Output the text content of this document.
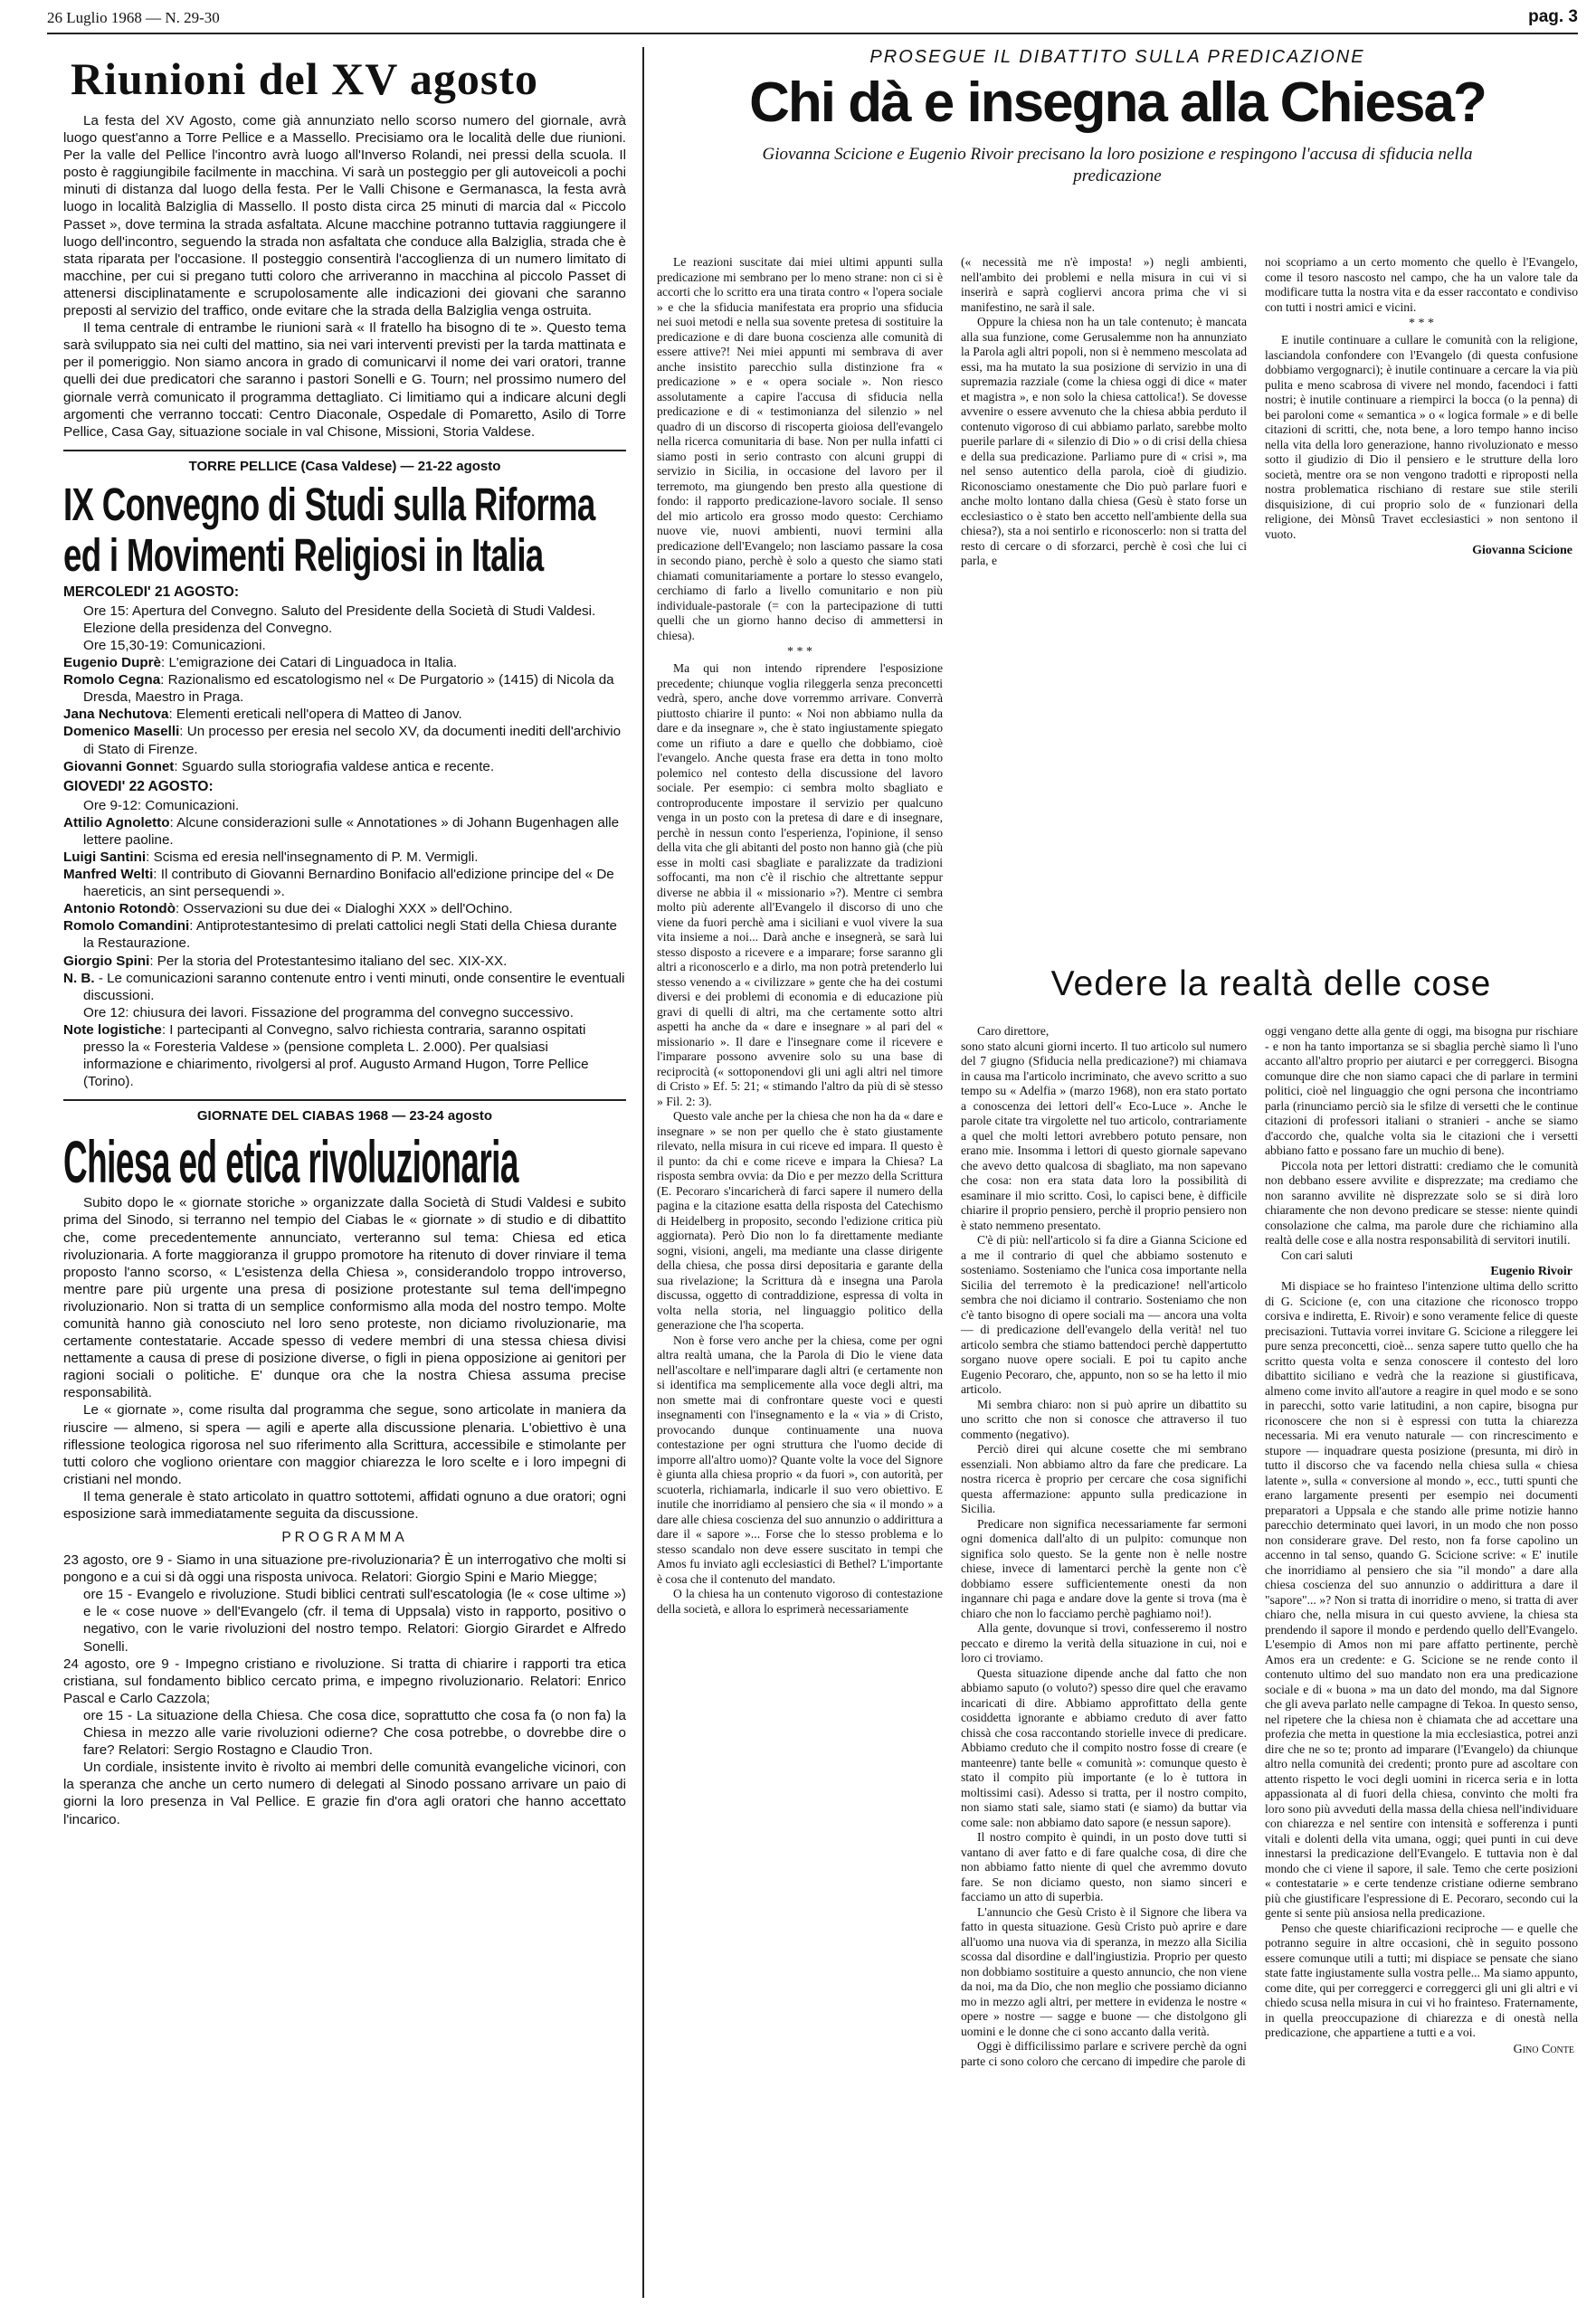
26 Luglio 1968 — N. 29-30	pag. 3
Riunioni del XV agosto

La festa del XV Agosto, come già annunziato nello scorso numero del giornale, avrà luogo quest'anno a Torre Pellice e a Massello. Precisiamo ora le località delle due riunioni. Per la valle del Pellice l'incontro avrà luogo all'Inverso Rolandi, nei pressi della scuola. Il posto è raggiungibile facilmente in macchina. Vi sarà un posteggio per gli autoveicoli a pochi minuti di distanza dal luogo della festa. Per le Valli Chisone e Germanasca, la festa avrà luogo in località Balziglia di Massello. Il posto dista circa 25 minuti di marcia dal « Piccolo Passet », dove termina la strada asfaltata. Alcune macchine potranno tuttavia raggiungere il luogo dell'incontro, seguendo la strada non asfaltata che conduce alla Balziglia, strada che è stata riparata per l'occasione. Il posteggio consentirà l'accoglienza di un numero limitato di macchine, per cui si pregano tutti coloro che arriveranno in macchina al piccolo Passet di attenersi disciplinatamente e scrupolosamente alle indicazioni dei giovani che saranno preposti al servizio del traffico, onde evitare che la strada della Balziglia venga ostruita.

Il tema centrale di entrambe le riunioni sarà « Il fratello ha bisogno di te ». Questo tema sarà sviluppato sia nei culti del mattino, sia nei vari interventi previsti per la tarda mattinata e per il pomeriggio. Non siamo ancora in grado di comunicarvi il nome dei vari oratori, tranne quelli dei due predicatori che saranno i pastori Sonelli e G. Tourn; nel prossimo numero del giornale verrà comunicato il programma dettagliato. Ci limitiamo qui a indicare alcuni degli argomenti che verranno toccati: Centro Diaconale, Ospedale di Pomaretto, Asilo di Torre Pellice, Casa Gay, situazione sociale in val Chisone, Missioni, Storia Valdese.

TORRE PELLICE (Casa Valdese) — 21-22 agosto
IX Convegno di Studi sulla Riforma
ed i Movimenti Religiosi in Italia
MERCOLEDI' 21 AGOSTO:

Ore 15: Apertura del Convegno. Saluto del Presidente della Società di Studi Valdesi. Elezione della presidenza del Convegno.

Ore 15,30-19: Comunicazioni.

Eugenio Duprè: L'emigrazione dei Catari di Linguadoca in Italia.

Romolo Cegna: Razionalismo ed escatologismo nel « De Purgatorio » (1415) di Nicola da Dresda, Maestro in Praga.

Jana Nechutova: Elementi ereticali nell'opera di Matteo di Janov.

Domenico Maselli: Un processo per eresia nel secolo XV, da documenti inediti dell'archivio di Stato di Firenze.

Giovanni Gonnet: Sguardo sulla storiografia valdese antica e recente.

GIOVEDI' 22 AGOSTO:

Ore 9-12: Comunicazioni.

Attilio Agnoletto: Alcune considerazioni sulle « Annotationes » di Johann Bugenhagen alle lettere paoline.

Luigi Santini: Scisma ed eresia nell'insegnamento di P. M. Vermigli.

Manfred Welti: Il contributo di Giovanni Bernardino Bonifacio all'edizione principe del « De haereticis, an sint persequendi ».

Antonio Rotondò: Osservazioni su due dei « Dialoghi XXX » dell'Ochino.

Romolo Comandini: Antiprotestantesimo di prelati cattolici negli Stati della Chiesa durante la Restaurazione.

Giorgio Spini: Per la storia del Protestantesimo italiano del sec. XIX-XX.

N. B. - Le comunicazioni saranno contenute entro i venti minuti, onde consentire le eventuali discussioni.

Ore 12: chiusura dei lavori. Fissazione del programma del convegno successivo.

Note logistiche: I partecipanti al Convegno, salvo richiesta contraria, saranno ospitati presso la « Foresteria Valdese » (pensione completa L. 2.000). Per qualsiasi informazione e chiarimento, rivolgersi al prof. Augusto Armand Hugon, Torre Pellice (Torino).

GIORNATE DEL CIABAS 1968 — 23-24 agosto
Chiesa ed etica rivoluzionaria

Subito dopo le « giornate storiche » organizzate dalla Società di Studi Valdesi e subito prima del Sinodo, si terranno nel tempio del Ciabas le « giornate » di studio e di dibattito che, come precedentemente annunciato, verteranno sul tema: Chiesa ed etica rivoluzionaria. A forte maggioranza il gruppo promotore ha ritenuto di dover rinviare il tema proposto l'anno scorso, « L'esistenza della Chiesa », considerandolo troppo introverso, mentre pare più urgente una presa di posizione protestante sul tema dell'impegno rivoluzionario. Non si tratta di un semplice conformismo alla moda del nostro tempo. Molte comunità hanno già conosciuto nel loro seno proteste, non diciamo rivoluzionarie, ma certamente contestatarie. Accade spesso di vedere membri di una stessa chiesa divisi nettamente a causa di prese di posizione diverse, o figli in piena opposizione ai genitori per ragioni sociali o politiche. E' dunque ora che la nostra Chiesa assuma precise responsabilità.

Le « giornate », come risulta dal programma che segue, sono articolate in maniera da riuscire — almeno, si spera — agili e aperte alla discussione plenaria. L'obiettivo è una riflessione teologica rigorosa nel suo riferimento alla Scrittura, accessibile e stimolante per tutti coloro che vogliono orientare con maggior chiarezza le loro scelte e i loro impegni di cristiani nel mondo.

Il tema generale è stato articolato in quattro sottotemi, affidati ognuno a due oratori; ogni esposizione sarà immediatamente seguita da discussione.

PROGRAMMA

23 agosto, ore 9 - Siamo in una situazione pre-rivoluzionaria? È un interrogativo che molti si pongono e a cui si dà oggi una risposta univoca. Relatori: Giorgio Spini e Mario Miegge;

ore 15 - Evangelo e rivoluzione. Studi biblici centrati sull'escatologia (le « cose ultime ») e le « cose nuove » dell'Evangelo (cfr. il tema di Uppsala) visto in rapporto, positivo o negativo, con le varie rivoluzioni del nostro tempo. Relatori: Giorgio Girardet e Alfredo Sonelli.

24 agosto, ore 9 - Impegno cristiano e rivoluzione. Si tratta di chiarire i rapporti tra etica cristiana, sul fondamento biblico cercato prima, e impegno rivoluzionario. Relatori: Enrico Pascal e Carlo Cazzola;

ore 15 - La situazione della Chiesa. Che cosa dice, soprattutto che cosa fa (o non fa) la Chiesa in mezzo alle varie rivoluzioni odierne? Che cosa potrebbe, o dovrebbe dire o fare? Relatori: Sergio Rostagno e Claudio Tron.

Un cordiale, insistente invito è rivolto ai membri delle comunità evangeliche vicinori, con la speranza che anche un certo numero di delegati al Sinodo possano arrivare un paio di giorni la loro presenza in Val Pellice. E grazie fin d'ora agli oratori che hanno accettato l'incarico.

PROSEGUE IL DIBATTITO SULLA PREDICAZIONE
Chi dà e insegna alla Chiesa?
Giovanna Scicione e Eugenio Rivoir precisano la loro posizione e respingono l'accusa di sfiducia nella predicazione

Le reazioni suscitate dai miei ultimi appunti sulla predicazione mi sembrano per lo meno strane: non ci si è accorti che lo scritto era una tirata contro « l'opera sociale » e che la sfiducia manifestata era proprio una sfiducia nei suoi metodi e nella sua sovente pretesa di sostituire la predicazione e di dare buona coscienza alle comunità di essere attive?! Nei miei appunti mi sembrava di aver anche insistito parecchio sulla distinzione fra « predicazione » e « opera sociale ». Non riesco assolutamente a capire l'accusa di sfiducia nella predicazione e di « testimonianza del silenzio » nel quadro di un discorso di riscoperta gioiosa dell'evangelo nella ricerca comunitaria di base. Non per nulla infatti ci siamo posti in serio contrasto con alcuni gruppi di servizio in Sicilia, in occasione del lavoro per il terremoto, ma giungendo ben presto alla questione di fondo: il rapporto predicazione-lavoro sociale. Il senso del mio articolo era grosso modo questo: Cerchiamo nuove vie, nuovi ambienti, nuovi termini alla predicazione dell'Evangelo; non lasciamo passare la cosa in secondo piano, perchè è solo a questo che siamo stati chiamati comunitariamente a portare lo stesso evangelo, cerchiamo di farlo a livello comunitario e non più individuale-pastorale (= con la partecipazione di tutti quelli che un giorno hanno deciso di ammettersi in chiesa).

* * *

Ma qui non intendo riprendere l'esposizione precedente; chiunque voglia rileggerla senza preconcetti vedrà, spero, anche dove vorremmo arrivare. Converrà piuttosto chiarire il punto: « Noi non abbiamo nulla da dare e da insegnare », che è stato ingiustamente spiegato come un rifiuto a dare e quello che dobbiamo, cioè l'evangelo. Anche questa frase era detta in tono molto polemico nel contesto della discussione del lavoro sociale. Per esempio: ci sembra molto sbagliato e controproducente impostare il servizio per qualcuno venga in un posto con la pretesa di dare e di insegnare, perchè in nessun conto l'esperienza, l'opinione, il senso della vita che gli abitanti del posto non hanno già (che più esse in molti casi sbagliate e paralizzate da tradizioni soffocanti, ma non c'è il rischio che altrettante seppur diverse ne abbia il « missionario »?). Mentre ci sembra molto più aderente all'Evangelo il discorso di uno che viene da fuori perchè ama i siciliani e vuol vivere la sua vita insieme a noi... Darà anche e insegnerà, se sarà lui stesso disposto a ricevere e a imparare; forse saranno gli altri a riconoscerlo e a dirlo, ma non potrà pretenderlo lui stesso venendo a « civilizzare » gente che ha dei costumi diversi e dei problemi di economia e di educazione più gravi di quelli di altri, ma che certamente sotto altri aspetti ha anche da « dare e insegnare » al pari del « missionario ». Il dare e l'insegnare come il ricevere e l'imparare possono avvenire solo su una base di reciprocità (« sottoponendovi gli uni agli altri nel timore di Cristo » Ef. 5: 21; « stimando l'altro da più di sè stesso » Fil. 2: 3).

Questo vale anche per la chiesa che non ha da « dare e insegnare » se non per quello che è stato giustamente rilevato, nella misura in cui riceve ed impara. Il questo è il punto: da chi e come riceve e impara la Chiesa? La risposta sembra ovvia: da Dio e per mezzo della Scrittura (E. Pecoraro s'incaricherà di farci sapere il numero della pagina e la citazione esatta della risposta del Catechismo di Heidelberg in proposito, secondo l'edizione critica più aggiornata). Però Dio non lo fa direttamente mediante sogni, visioni, angeli, ma mediante una classe dirigente della chiesa, che possa dirsi depositaria e garante della sua rivelazione; la Scrittura dà e insegna una Parola discussa, oggetto di contraddizione, espressa di volta in volta nella storia, nel linguaggio politico della generazione che l'ha scoperta.

Non è forse vero anche per la chiesa, come per ogni altra realtà umana, che la Parola di Dio le viene data nell'ascoltare e nell'imparare dagli altri (e certamente non si identifica ma semplicemente alla voce degli altri, ma non smette mai di confrontare queste voci e questi insegnamenti con l'insegnamento e la « via » di Cristo, provocando dunque continuamente una nuova contestazione per ogni struttura che l'uomo decide di imporre all'altro uomo)? Quante volte la voce del Signore è giunta alla chiesa proprio « da fuori », con autorità, per scuoterla, richiamarla, indicarle il suo vero obiettivo. E inutile che inorridiamo al pensiero che sia « il mondo » a dare alle chiesa coscienza del suo annunzio o addirittura a dare il « sapore »... Forse che lo stesso problema e lo stesso scandalo non deve essere suscitato in tempi che Amos fu inviato agli ecclesiastici di Bethel? L'importante è cosa che il contenuto del mandato.

O la chiesa ha un contenuto vigoroso di contestazione della società, e allora lo esprimerà necessariamente

(« necessità me n'è imposta! ») negli ambienti, nell'ambito dei problemi e nella misura in cui vi si inserirà e saprà cogliervi ancora prima che vi si manifestino, ne sarà il sale.

Oppure la chiesa non ha un tale contenuto; è mancata alla sua funzione, come Gerusalemme non ha annunziato la Parola agli altri popoli, non si è nemmeno mescolata ad essi, ma ha mutato la sua posizione di servizio in una di supremazia razziale (come la chiesa oggi di dice « mater et magistra », e non solo la chiesa cattolica!). Se dovesse avvenire o essere avvenuto che la chiesa abbia perduto il contenuto vigoroso di cui abbiamo parlato, sarebbe molto puerile parlare di « silenzio di Dio » o di crisi della chiesa e della sua predicazione. Parliamo pure di « crisi », ma nel senso autentico della parola, cioè di giudizio. Riconosciamo onestamente che Dio può parlare fuori e anche molto lontano dalla chiesa (Gesù è stato forse un ecclesiastico o è stato ben accetto nell'ambiente della sua chiesa?), sta a noi sentirlo e riconoscerlo: non si tratta del resto di cercare o di sforzarci, perchè è così che lui ci parla, e

Vedere la realtà delle cose

Caro direttore,

sono stato alcuni giorni incerto. Il tuo articolo sul numero del 7 giugno (Sfiducia nella predicazione?) mi chiamava in causa ma l'articolo incriminato, che avevo scritto a suo tempo su « Adelfia » (marzo 1968), non era stato portato a conoscenza dei lettori dell'« Eco-Luce ». Anche le parole citate tra virgolette nel tuo articolo, contrariamente a quel che molti lettori avrebbero potuto pensare, non erano mie. Insomma i lettori di questo giornale sapevano che avevo detto qualcosa di sbagliato, ma non sapevano che cosa: non era stata data loro la possibilità di esaminare il mio scritto. Così, lo capisci bene, è difficile chiarire il proprio pensiero, perchè il proprio pensiero non è stato nemmeno presentato.

C'è di più: nell'articolo si fa dire a Gianna Scicione ed a me il contrario di quel che abbiamo sostenuto e sosteniamo. Sosteniamo che l'unica cosa importante nella Sicilia del terremoto è la predicazione! nell'articolo sembra che noi diciamo il contrario. Sosteniamo che non c'è tanto bisogno di opere sociali ma — ancora una volta — di predicazione dell'evangelo della verità! nel tuo articolo sembra che stiamo battendoci perchè dappertutto sorgano nuove opere sociali. E poi tu capito anche Eugenio Pecoraro, che, appunto, non so se ha letto il mio articolo.

Mi sembra chiaro: non si può aprire un dibattito su uno scritto che non si conosce che attraverso il tuo commento (negativo).

Perciò direi qui alcune cosette che mi sembrano essenziali. Non abbiamo altro da fare che predicare. La nostra ricerca è proprio per cercare che cosa significhi questa affermazione: appunto sulla predicazione in Sicilia.

Predicare non significa necessariamente far sermoni ogni domenica dall'alto di un pulpito: comunque non significa solo questo. Se la gente non è nelle nostre chiese, invece di lamentarci perchè la gente non c'è dobbiamo essere sufficientemente onesti da non ingannare chi paga e andare dove la gente si trova (ma è chiaro che non lo facciamo perchè paghiamo noi!).

Alla gente, dovunque si trovi, confesseremo il nostro peccato e diremo la verità della situazione in cui, noi e loro ci troviamo.

Questa situazione dipende anche dal fatto che non abbiamo saputo (o voluto?) spesso dire quel che eravamo incaricati di dire. Abbiamo approfittato della gente cosiddetta ignorante e abbiamo creduto di aver fatto chissà che cosa raccontando storielle invece di predicare. Abbiamo creduto che il compito nostro fosse di creare (e manteenre) tante belle « comunità »: comunque questo è stato il compito più importante (e lo è tuttora in moltissimi casi). Adesso si tratta, per il nostro compito, non siamo stati sale, siamo stati (e siamo) da buttar via come sale: non abbiamo dato sapore (e nessun sapore).

Il nostro compito è quindi, in un posto dove tutti si vantano di aver fatto e di fare qualche cosa, di dire che non abbiamo fatto niente di quel che avremmo dovuto fare. Se non diciamo questo, non siamo sinceri e facciamo un atto di superbia.

L'annuncio che Gesù Cristo è il Signore che libera va fatto in questa situazione. Gesù Cristo può aprire e dare all'uomo una nuova via di speranza, in mezzo alla Sicilia scossa dal disordine e dall'ingiustizia. Proprio per questo non dobbiamo sostituire a questo annuncio, che non viene da noi, ma da Dio, che non meglio che possiamo dicianno mo in mezzo agli altri, per mettere in evidenza le nostre « opere » nostre — sagge e buone — che distolgono gli uomini e le donne che ci sono accanto dalla verità.

Oggi è difficilissimo parlare e scrivere perchè da ogni parte ci sono coloro che cercano di impedire che parole di

noi scopriamo a un certo momento che quello è l'Evangelo, come il tesoro nascosto nel campo, che ha un valore tale da modificare tutta la nostra vita e da esser raccontato e condiviso con tutti i nostri amici e vicini.

* * *

E inutile continuare a cullare le comunità con la religione, lasciandola confondere con l'Evangelo (di questa confusione dobbiamo vergognarci); è inutile continuare a cercare la via più pulita e meno scabrosa di vivere nel mondo, facendoci i fatti nostri; è inutile continuare a riempirci la bocca (o la penna) di bei paroloni come « semantica » o « logica formale » e di belle citazioni di scritti, che, nota bene, a loro tempo hanno inciso nella vita della loro generazione, hanno rivoluzionato e messo sotto il giudizio di Dio il pensiero e le strutture della loro società, mentre ora se non vengono tradotti e riproposti nella nostra problematica rischiano di restare sue stile sterili disquisizione, di cui proprio solo de « funzionari della religione, dei Mònsû Travet ecclesiastici » non sentono il vuoto.

Giovanna Scicione

oggi vengano dette alla gente di oggi, ma bisogna pur rischiare - e non ha tanto importanza se si sbaglia perchè siamo lì l'uno accanto all'altro proprio per aiutarci e per correggerci. Bisogna comunque dire che non siamo capaci che di parlare in termini politici, cioè nel linguaggio che ogni persona che incontriamo parla (rinunciamo perciò sia le sfilze di versetti che le continue citazioni di professori italiani o stranieri - anche se siamo d'accordo che, qualche volta sia le citazioni che i versetti abbiano fatto e possano fare un muchio di bene).

Piccola nota per lettori distratti: crediamo che le comunità non debbano essere avvilite e disprezzate; ma crediamo che non saranno avvilite nè disprezzate solo se si dirà loro chiaramente che non devono predicare se stesse: niente quindi consolazione che calma, ma parole dure che richiamino alla realtà delle cose e alla nostra responsabilità di servitori inutili.

Con cari saluti

Eugenio Rivoir

Mi dispiace se ho frainteso l'intenzione ultima dello scritto di G. Scicione (e, con una citazione che riconosco troppo corsiva e indiretta, E. Rivoir) e sono veramente felice di queste precisazioni. Tuttavia vorrei invitare G. Scicione a rileggere lei pure senza preconcetti, cioè... senza sapere tutto quello che ha scritto questa volta e senza conoscere il contesto del loro dibattito siciliano e vedrà che la reazione si giustificava, almeno come invito all'autore a reagire in quel modo e se sono in parecchi, sotto varie latitudini, a non capire, bisogna pur riconoscere che non si è espressi con tutta la chiarezza necessaria. Mi era venuto naturale — con rincrescimento e stupore — inquadrare questa posizione (presunta, mi dirò in tutto il discorso che va facendo nella chiesa sulla « chiesa latente », sulla « conversione al mondo », ecc., tutti spunti che erano largamente presenti per esempio nei documenti preparatori a Uppsala e che stando alle prime notizie hanno parecchio determinato quei lavori, in un modo che non posso non considerare grave. Del resto, non fa forse capolino un accenno in tal senso, quando G. Scicione scrive: « E' inutile che inorridiamo al pensiero che sia "il mondo" a dare alla chiesa coscienza del suo annunzio o addirittura a dare il "sapore"... »? Non si tratta di inorridire o meno, si tratta di aver chiaro che, nella misura in cui questo avviene, la chiesa sta prendendo il sapore il mondo e perdendo quello dell'Evangelo. L'esempio di Amos non mi pare affatto pertinente, perchè Amos era un credente: e G. Scicione se ne rende conto il contenuto ultimo del suo mandato non era una predicazione sociale e di « buona » ma un dato del mondo, ma dal Signore che gli aveva parlato nelle campagne di Tekoa. In questo senso, nel ripetere che la chiesa non è chiamata che ad accettare una profezia che metta in questione la mia ecclesiastica, potrei anzi dire che ne so te; pronto ad imparare (l'Evangelo) da chiunque altro nella comunità dei credenti; pronto pure ad ascoltare con attento rispetto le voci degli uomini in ricerca seria e in lotta appassionata al di fuori della chiesa, convinto che molti fra loro sono più avveduti della massa della chiesa nell'individuare con chiarezza e nel sentire con intensità e sofferenza i punti vitali e dolenti della vita umana, oggi; quei punti in cui deve innestarsi la predicazione dell'Evangelo. E tuttavia non è dal mondo che ci viene il sapore, il sale. Temo che certe posizioni « contestatarie » e certe tendenze cristiane odierne sembrano più che giustificare l'espressione di E. Pecoraro, secondo cui la gente si sente più ansiosa nella predicazione.

Penso che queste chiarificazioni reciproche — e quelle che potranno seguire in altre occasioni, chè in seguito possono essere comunque utili a tutti; mi dispiace se pensate che siano state fatte ingiustamente sulla vostra pelle... Ma siamo appunto, come dite, qui per correggerci e correggerci gli uni gli altri e vi chiedo scusa nella misura in cui vi ho frainteso. Fraternamente, in quella preoccupazione di chiarezza e di onestà nella predicazione, che appartiene a tutti e a voi.

Gino Conte
